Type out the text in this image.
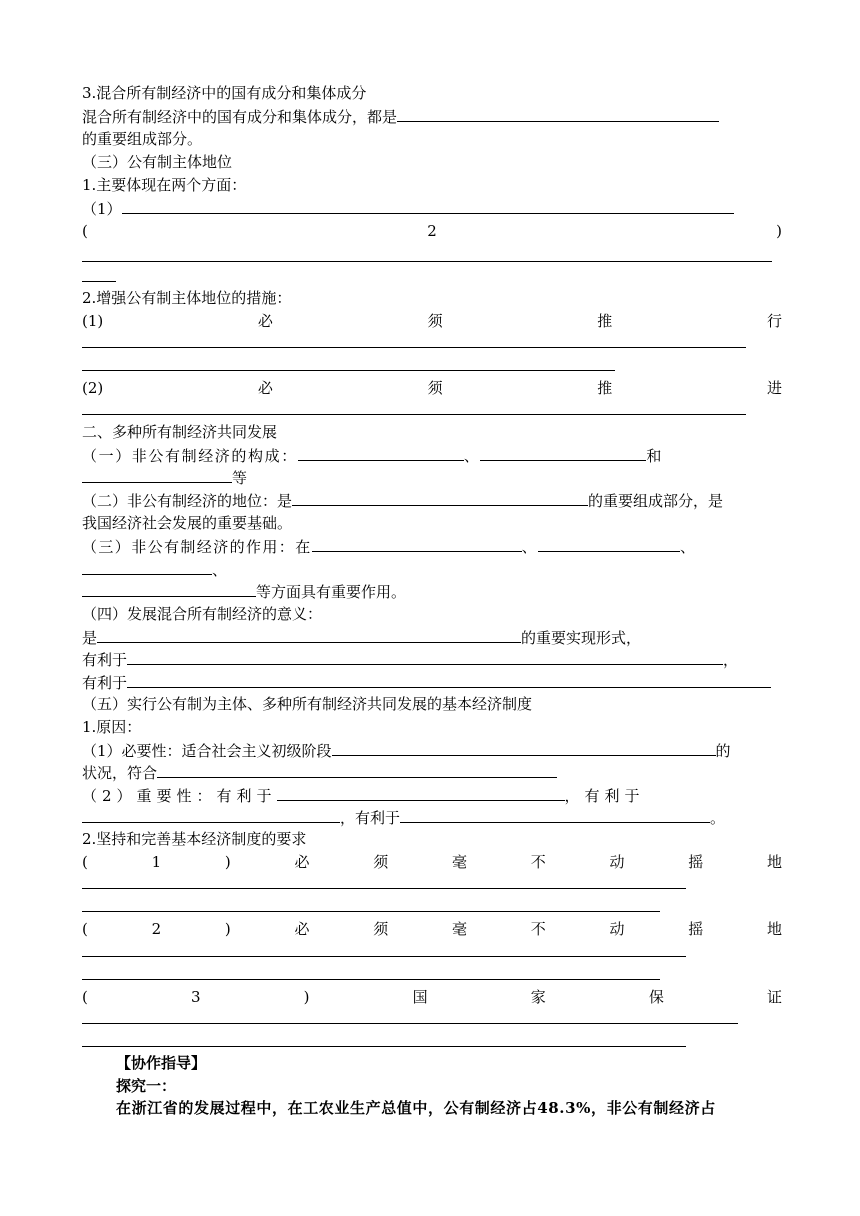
3.混合所有制经济中的国有成分和集体成分
混合所有制经济中的国有成分和集体成分，都是
的重要组成部分。
（三）公有制主体地位
1.主要体现在两个方面：
（1）
(	2	)
2.增强公有制主体地位的措施：
(1)	必	须	推	行
(2)	必	须	推	进
二、多种所有制经济共同发展
（一）非公有制经济的构成：	、	和
等
（二）非公有制经济的地位：是	的重要组成部分，是
我国经济社会发展的重要基础。
（三）非公有制经济的作用：在	、	、
、
等方面具有重要作用。
（四）发展混合所有制经济的意义：
是	的重要实现形式，
有利于	，
有利于
（五）实行公有制为主体、多种所有制经济共同发展的基本经济制度
1.原因：
（1）必要性：适合社会主义初级阶段	的
状况，符合
（2）重要性：有利于	，有利于
，有利于	。
2.坚持和完善基本经济制度的要求
(	1	)	必	须	毫	不	动	摇	地
(	2	)	必	须	毫	不	动	摇	地
(	3	)	国	家	保	证
【协作指导】
探究一：
在浙江省的发展过程中，在工农业生产总值中，公有制经济占48.3%，非公有制经济占
